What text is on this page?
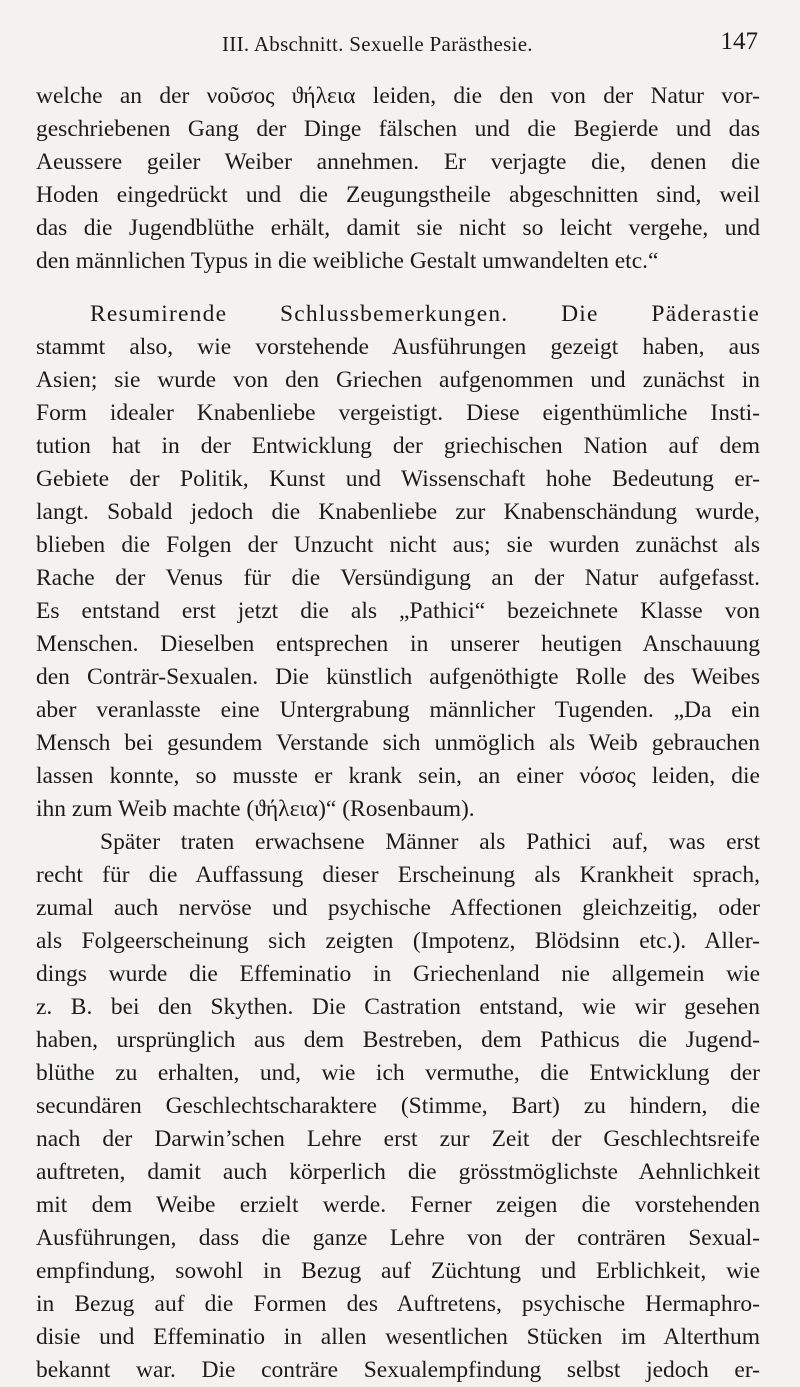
III. Abschnitt. Sexuelle Parästhesie.	147
welche an der νοῦσος ϑήλεια leiden, die den von der Natur vor-
geschriebenen Gang der Dinge fälschen und die Begierde und das
Aeussere geiler Weiber annehmen. Er verjagte die, denen die
Hoden eingedrückt und die Zeugungstheile abgeschnitten sind, weil
das die Jugendblüthe erhält, damit sie nicht so leicht vergehe, und
den männlichen Typus in die weibliche Gestalt umwandelten etc.“
Resumirende Schlussbemerkungen. Die Päderastie
stammt also, wie vorstehende Ausführungen gezeigt haben, aus
Asien; sie wurde von den Griechen aufgenommen und zunächst in
Form idealer Knabenliebe vergeistigt. Diese eigenthümliche Insti-
tution hat in der Entwicklung der griechischen Nation auf dem
Gebiete der Politik, Kunst und Wissenschaft hohe Bedeutung er-
langt. Sobald jedoch die Knabenliebe zur Knabenschändung wurde,
blieben die Folgen der Unzucht nicht aus; sie wurden zunächst als
Rache der Venus für die Versündigung an der Natur aufgefasst.
Es entstand erst jetzt die als „Pathici“ bezeichnete Klasse von
Menschen. Dieselben entsprechen in unserer heutigen Anschauung
den Conträr-Sexualen. Die künstlich aufgenöthigte Rolle des Weibes
aber veranlasste eine Untergrabung männlicher Tugenden. „Da ein
Mensch bei gesundem Verstande sich unmöglich als Weib gebrauchen
lassen konnte, so musste er krank sein, an einer νόσος leiden, die
ihn zum Weib machte (ϑήλεια)“ (Rosenbaum).
Später traten erwachsene Männer als Pathici auf, was erst
recht für die Auffassung dieser Erscheinung als Krankheit sprach,
zumal auch nervöse und psychische Affectionen gleichzeitig, oder
als Folgeerscheinung sich zeigten (Impotenz, Blödsinn etc.). Aller-
dings wurde die Effeminatio in Griechenland nie allgemein wie
z. B. bei den Skythen. Die Castration entstand, wie wir gesehen
haben, ursprünglich aus dem Bestreben, dem Pathicus die Jugend-
blüthe zu erhalten, und, wie ich vermuthe, die Entwicklung der
secundären Geschlechtscharaktere (Stimme, Bart) zu hindern, die
nach der Darwin’schen Lehre erst zur Zeit der Geschlechtsreife
auftreten, damit auch körperlich die grösstmöglichste Aehnlichkeit
mit dem Weibe erzielt werde. Ferner zeigen die vorstehenden
Ausführungen, dass die ganze Lehre von der conträren Sexual-
empfindung, sowohl in Bezug auf Züchtung und Erblichkeit, wie
in Bezug auf die Formen des Auftretens, psychische Hermaphro-
disie und Effeminatio in allen wesentlichen Stücken im Alterthum
bekannt war. Die conträre Sexualempfindung selbst jedoch er-
